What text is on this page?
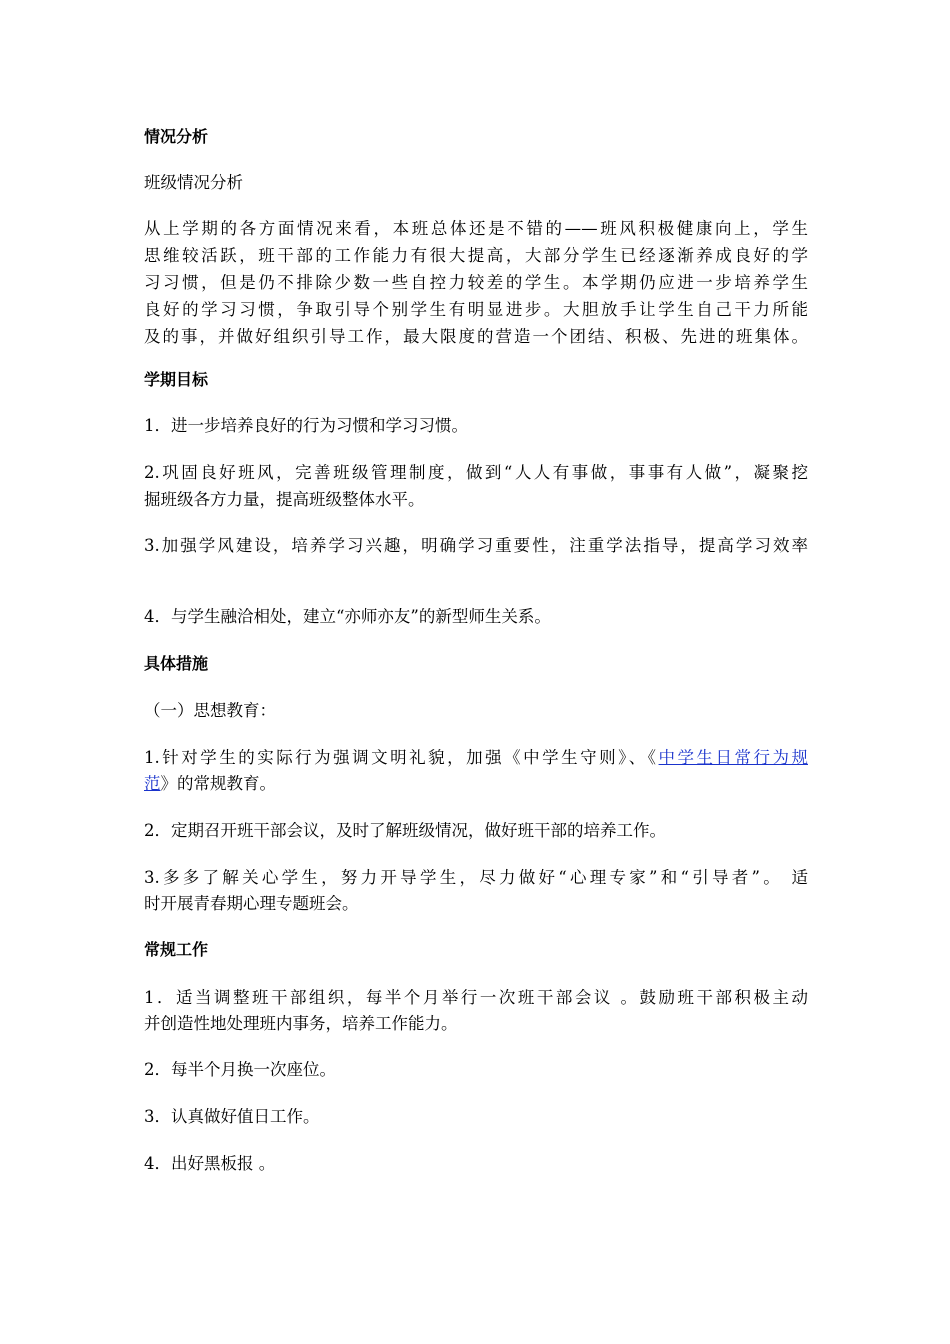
情况分析
班级情况分析
从上学期的各方面情况来看，本班总体还是不错的——班风积极健康向上，学生
思维较活跃，班干部的工作能力有很大提高，大部分学生已经逐渐养成良好的学
习习惯，但是仍不排除少数一些自控力较差的学生。本学期仍应进一步培养学生
良好的学习习惯，争取引导个别学生有明显进步。大胆放手让学生自己干力所能
及的事，并做好组织引导工作，最大限度的营造一个团结、积极、先进的班集体。
学期目标
1．进一步培养良好的行为习惯和学习习惯。
2.巩固良好班风，完善班级管理制度，做到“人人有事做，事事有人做”，凝聚挖
掘班级各方力量，提高班级整体水平。
3.加强学风建设，培养学习兴趣，明确学习重要性，注重学法指导，提高学习效率
4．与学生融洽相处，建立“亦师亦友”的新型师生关系。
具体措施
（一）思想教育：
1.针对学生的实际行为强调文明礼貌，加强《中学生守则》、《中学生日常行为规
范》的常规教育。
2．定期召开班干部会议，及时了解班级情况，做好班干部的培养工作。
3.多多了解关心学生，努力开导学生，尽力做好“心理专家”和“引导者”。 适
时开展青春期心理专题班会。
常规工作
1．适当调整班干部组织，每半个月举行一次班干部会议 。鼓励班干部积极主动
并创造性地处理班内事务，培养工作能力。
2．每半个月换一次座位。
3．认真做好值日工作。
4．出好黑板报 。
